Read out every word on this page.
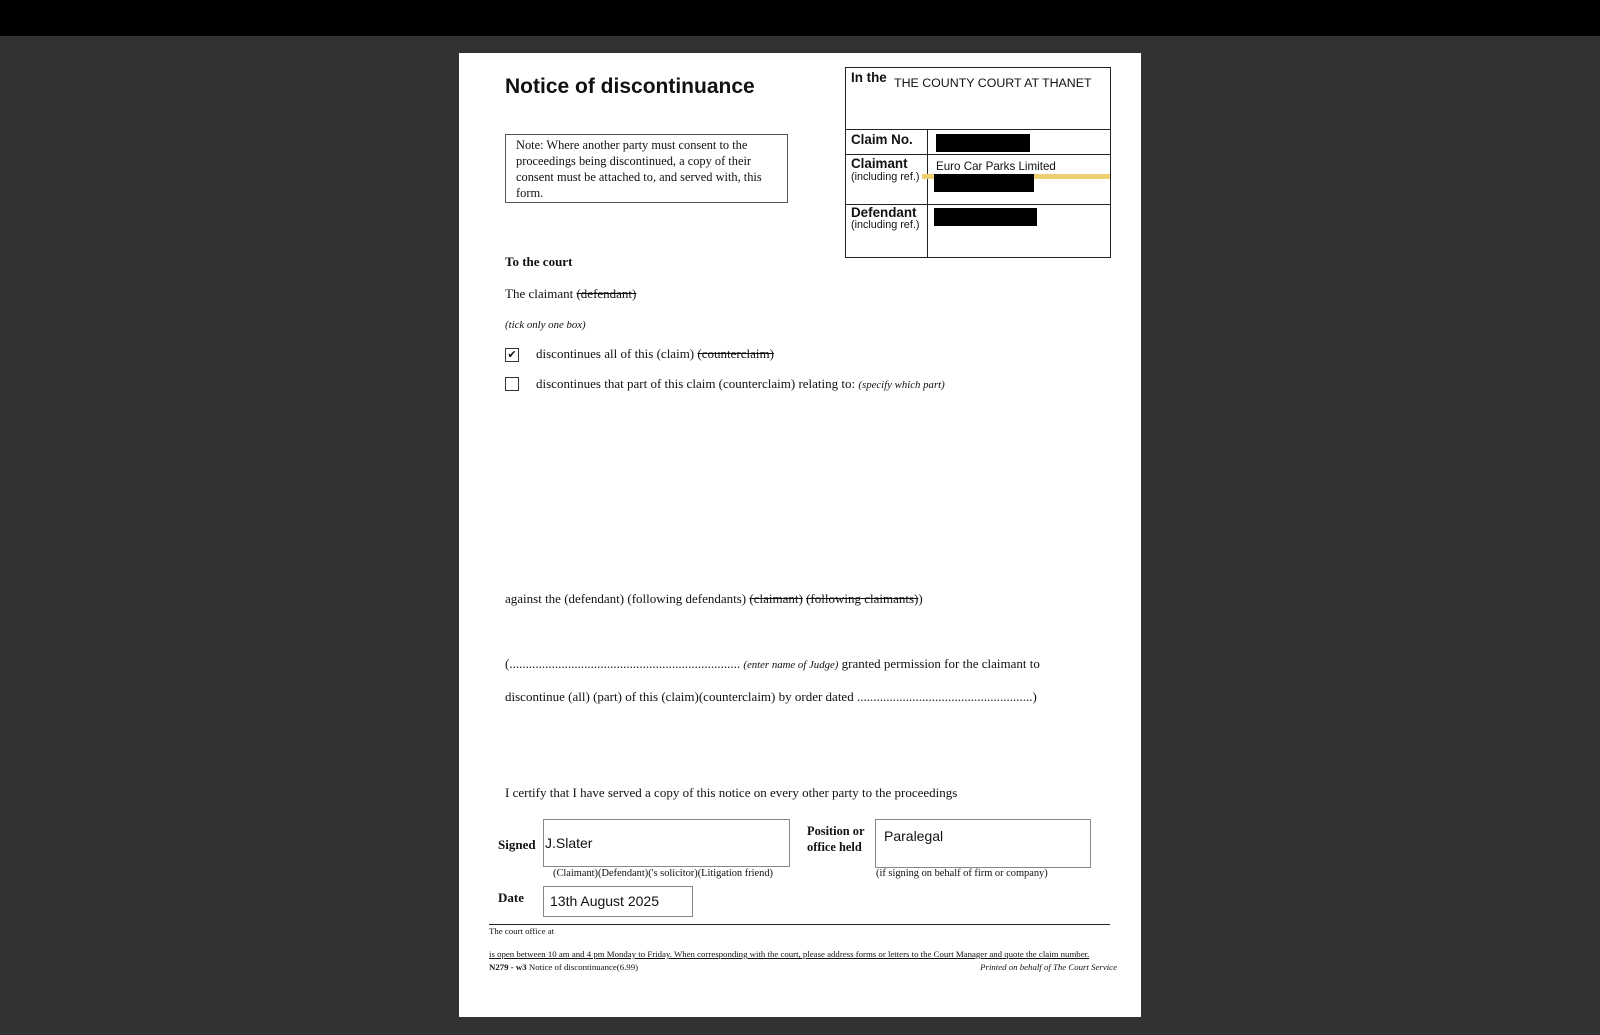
Notice of discontinuance
Note: Where another party must consent to the proceedings being discontinued, a copy of their consent must be attached to, and served with, this form.
In the THE COUNTY COURT AT THANET
Claim No.
Claimant
(including ref.)
Euro Car Parks Limited
Defendant
(including ref.)
To the court
The claimant (defendant)
(tick only one box)
✔ discontinues all of this (claim) (counterclaim)
discontinues that part of this claim (counterclaim) relating to: (specify which part)
against the (defendant) (following defendants) (claimant) (following claimants))
(....................................................................... (enter name of Judge) granted permission for the claimant to
discontinue (all) (part) of this (claim)(counterclaim) by order dated ......................................................)
I certify that I have served a copy of this notice on every other party to the proceedings
Signed J.Slater
(Claimant)(Defendant)('s solicitor)(Litigation friend)
Position or
office held
Paralegal
(if signing on behalf of firm or company)
Date 13th August 2025
The court office at
is open between 10 am and 4 pm Monday to Friday. When corresponding with the court, please address forms or letters to the Court Manager and quote the claim number.
N279 - w3 Notice of discontinuance(6.99)	Printed on behalf of The Court Service
